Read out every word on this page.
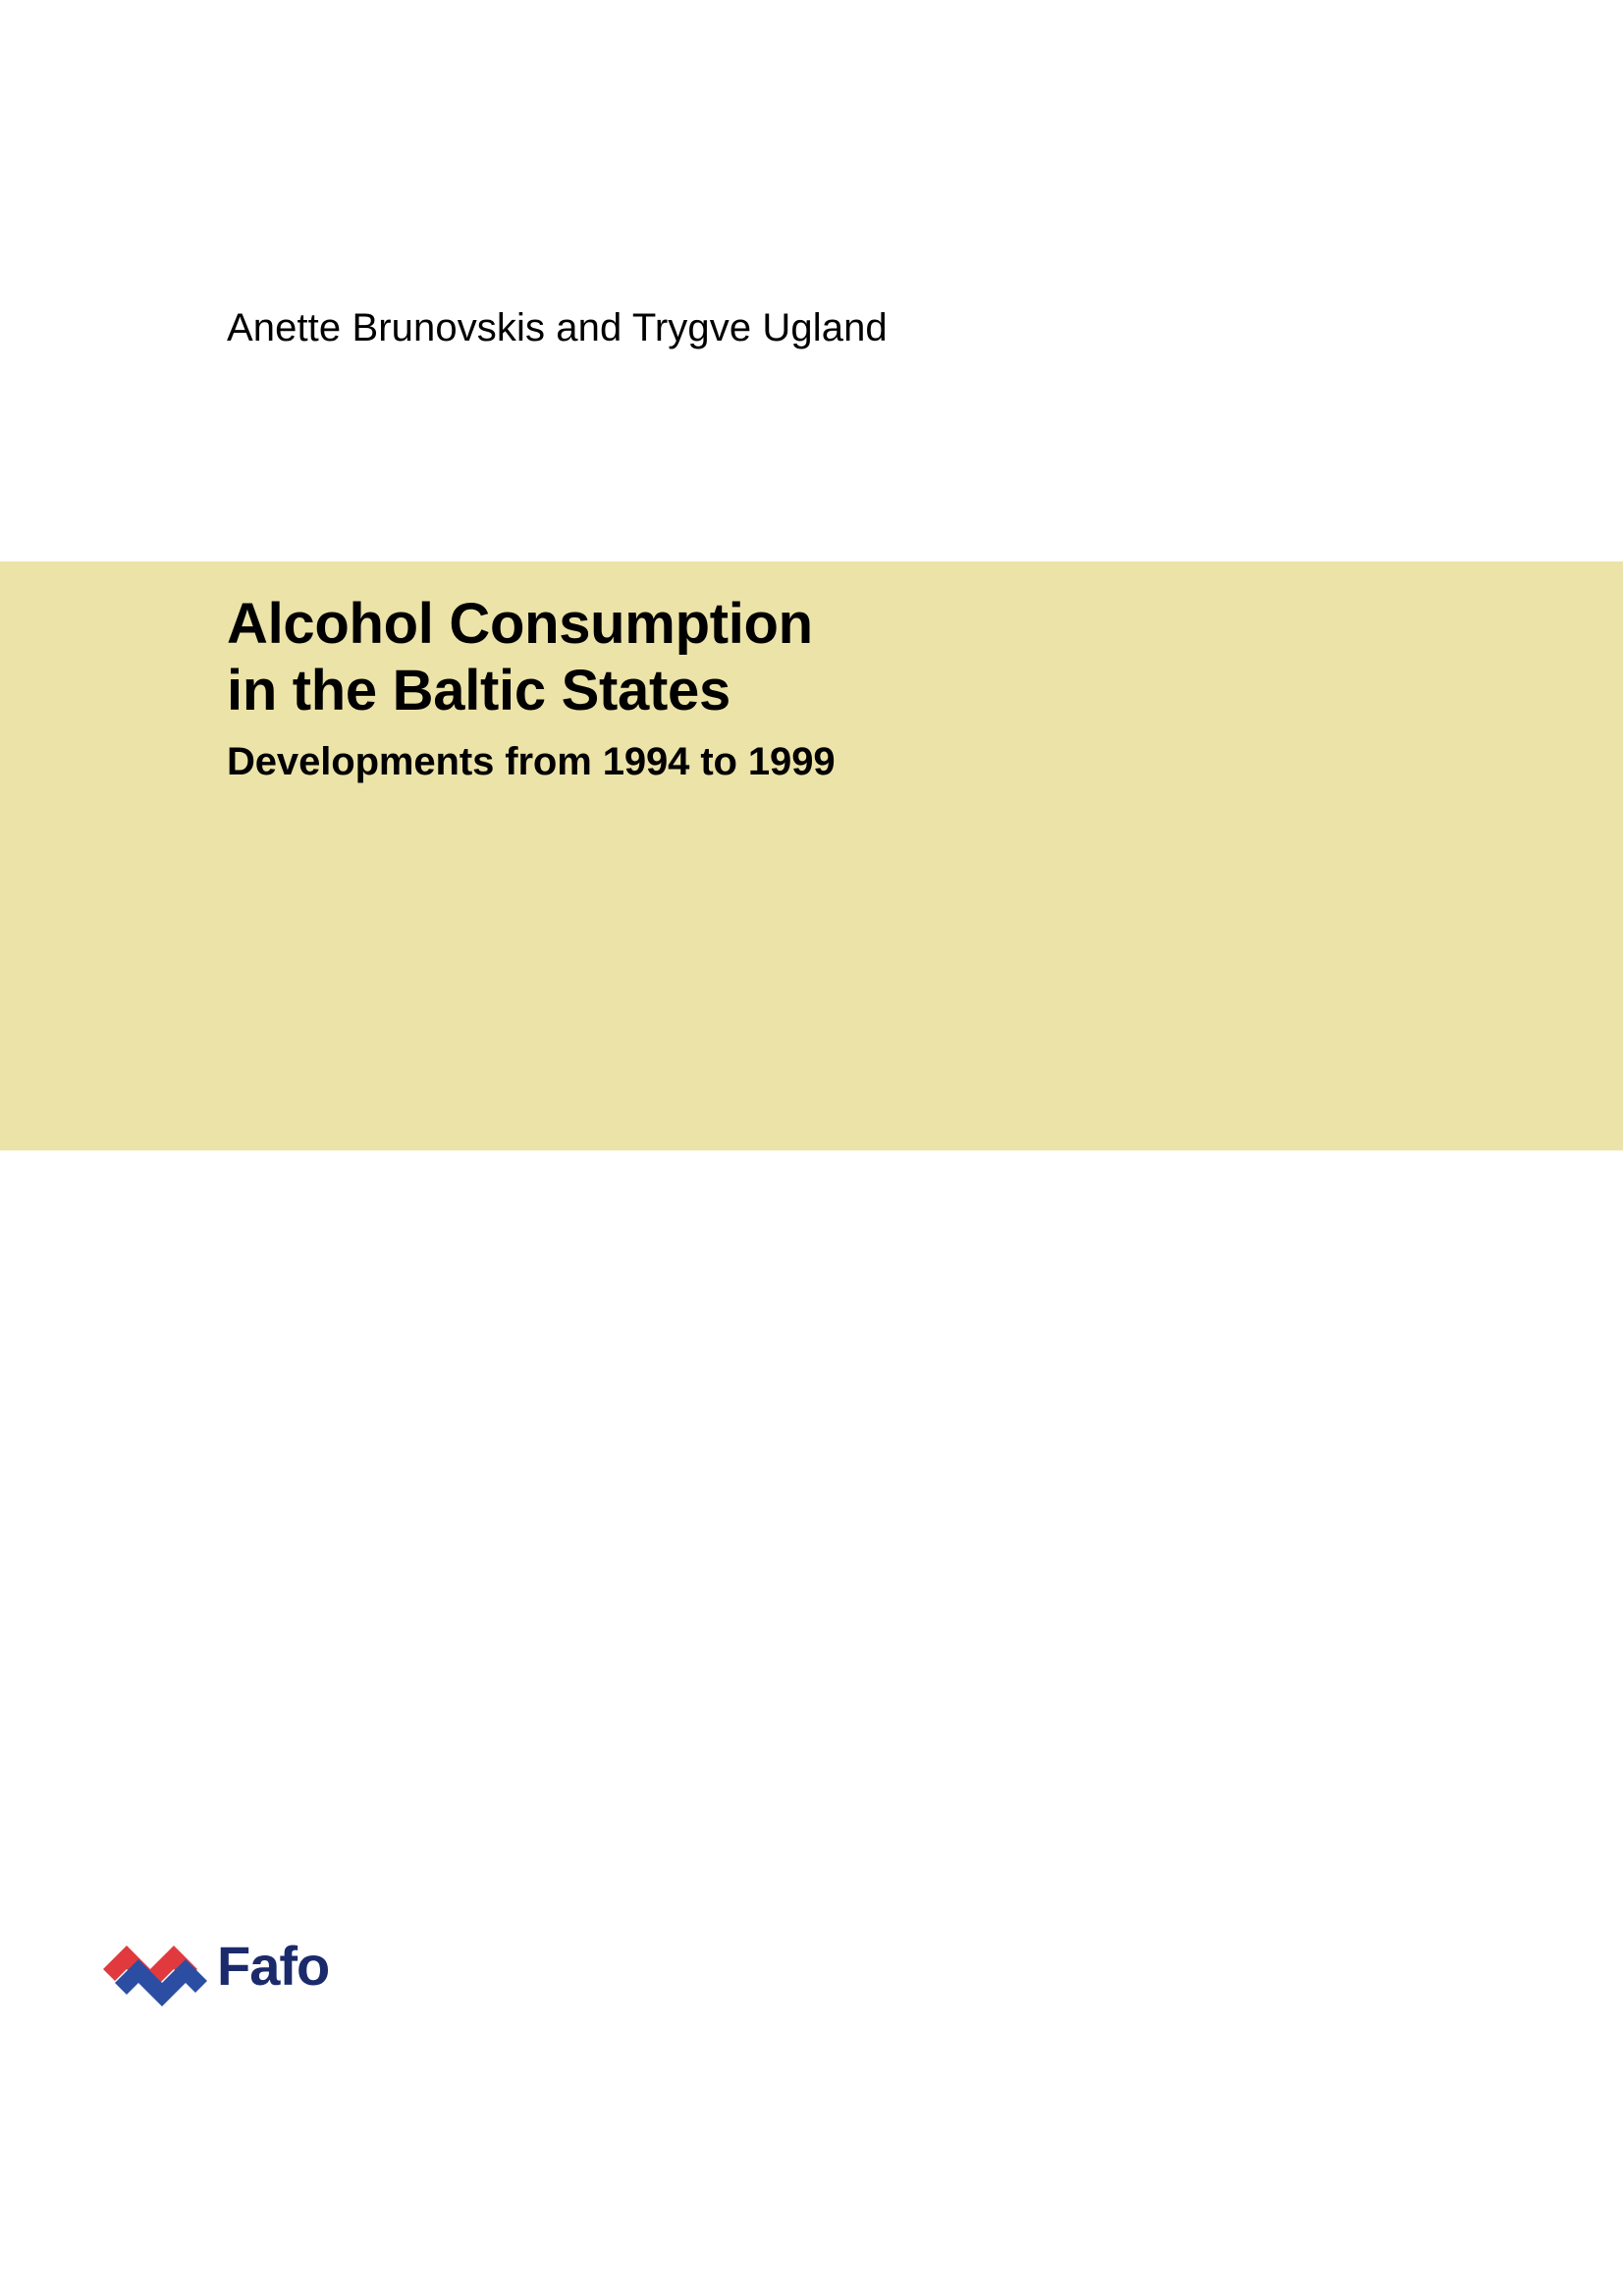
Anette Brunovskis and Trygve Ugland
Alcohol Consumption
in the Baltic States
Developments from 1994 to 1999
Fafo
